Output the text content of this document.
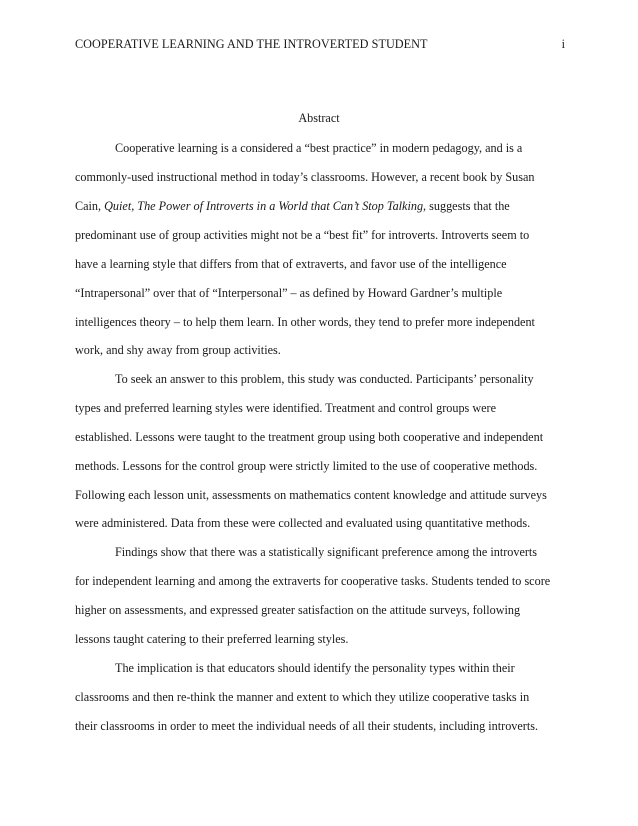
COOPERATIVE LEARNING AND THE INTROVERTED STUDENT	i
Abstract
Cooperative learning is a considered a “best practice” in modern pedagogy, and is a
commonly-used instructional method in today’s classrooms. However, a recent book by Susan
Cain, Quiet, The Power of Introverts in a World that Can’t Stop Talking, suggests that the
predominant use of group activities might not be a “best fit” for introverts. Introverts seem to
have a learning style that differs from that of extraverts, and favor use of the intelligence
“Intrapersonal” over that of “Interpersonal” – as defined by Howard Gardner’s multiple
intelligences theory – to help them learn. In other words, they tend to prefer more independent
work, and shy away from group activities.
To seek an answer to this problem, this study was conducted. Participants’ personality
types and preferred learning styles were identified. Treatment and control groups were
established. Lessons were taught to the treatment group using both cooperative and independent
methods. Lessons for the control group were strictly limited to the use of cooperative methods.
Following each lesson unit, assessments on mathematics content knowledge and attitude surveys
were administered. Data from these were collected and evaluated using quantitative methods.
Findings show that there was a statistically significant preference among the introverts
for independent learning and among the extraverts for cooperative tasks. Students tended to score
higher on assessments, and expressed greater satisfaction on the attitude surveys, following
lessons taught catering to their preferred learning styles.
The implication is that educators should identify the personality types within their
classrooms and then re-think the manner and extent to which they utilize cooperative tasks in
their classrooms in order to meet the individual needs of all their students, including introverts.
